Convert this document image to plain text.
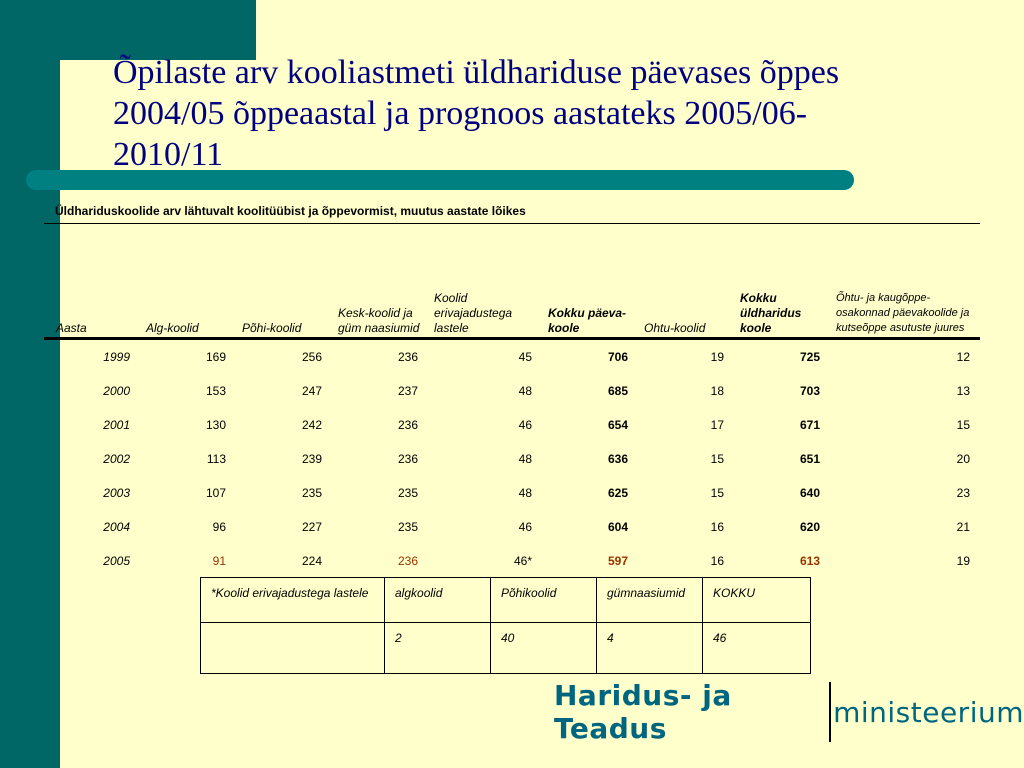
Õpilaste arv kooliastmeti üldhariduse päevases õppes
2004/05 õppeaastal ja prognoos aastateks 2005/06-
2010/11
Üldhariduskoolide arv lähtuvalt koolitüübist ja õppevormist, muutus aastate lõikes
Aasta	Alg-koolid	Põhi-koolid	Kesk-koolid ja güm naasiumid	Koolid erivajadustega lastele	Kokku päeva-koole	Ohtu-koolid	Kokku üldharidus koole	Õhtu- ja kaugõppe-osakonnad päevakoolide ja kutseõppe asutuste juures
1999	169	256	236	45	706	19	725	12
2000	153	247	237	48	685	18	703	13
2001	130	242	236	46	654	17	671	15
2002	113	239	236	48	636	15	651	20
2003	107	235	235	48	625	15	640	23
2004	96	227	235	46	604	16	620	21
2005	91	224	236	46*	597	16	613	19
*Koolid erivajadustega lastele	algkoolid	Põhikoolid	gümnaasiumid	KOKKU
	2	40	4	46
Haridus- ja Teadus	ministeerium
